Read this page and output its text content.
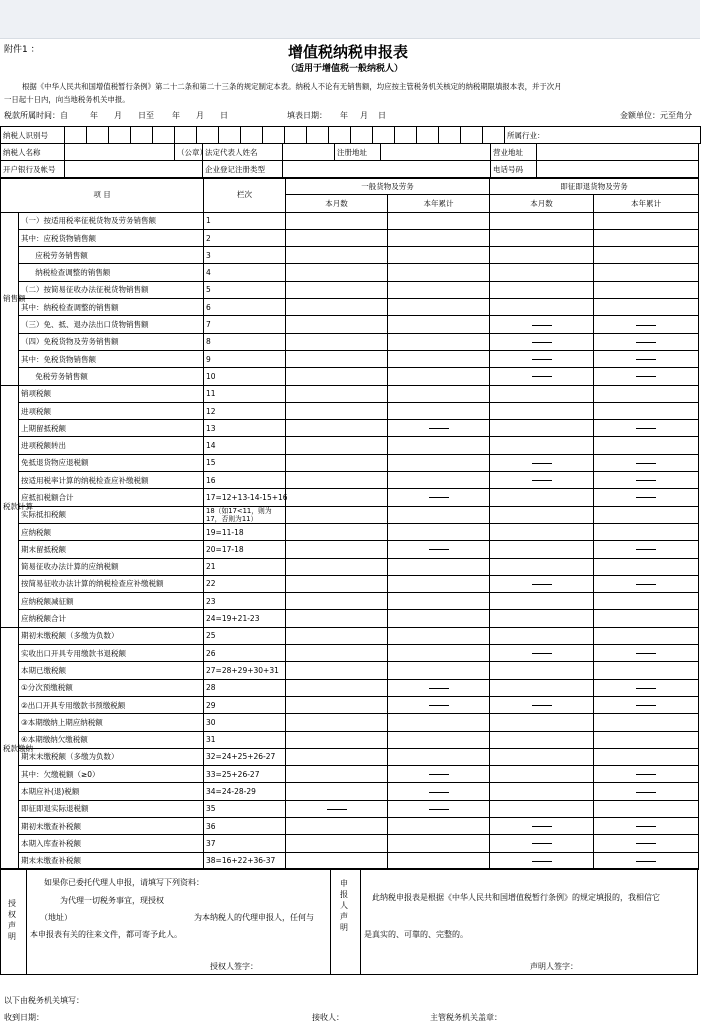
附件1 ：	增值税纳税申报表
（适用于增值税一般纳税人）
根据《中华人民共和国增值税暂行条例》第二十二条和第二十三条的规定制定本表。纳税人不论有无销售额，均应按主管税务机关核定的纳税期限填报本表，并于次月
一日起十日内，向当地税务机关申报。
税款所属时间：自	年 月 日至 年 月 日	填表日期： 年 月 日	金额单位：元至角分
纳税人识别号																					所属行业：
纳税人名称		（公章）	法定代表人姓名		注册地址		营业地址	
开户银行及帐号			企业登记注册类型				电话号码	
项 目		栏次	一般货物及劳务		即征即退货物及劳务	
			本月数	本年累计	本月数	本年累计
销售额	（一）按适用税率征税货物及劳务销售额	1				
	其中：应税货物销售额	2				
	应税劳务销售额	3				
	纳税检查调整的销售额	4				
	（二）按简易征收办法征税货物销售额	5				
	其中：纳税检查调整的销售额	6				
	（三）免、抵、退办法出口货物销售额	7				
	（四）免税货物及劳务销售额	8				
	其中：免税货物销售额	9				
	免税劳务销售额	10				
税款计算	销项税额	11				
	进项税额	12				
	上期留抵税额	13				
	进项税额转出	14				
	免抵退货物应退税额	15				
	按适用税率计算的纳税检查应补缴税额	16				
	应抵扣税额合计	17=12+13-14-15+16				
	实际抵扣税额	18（如17<11，则为17，否则为11）				
	应纳税额	19=11-18				
	期末留抵税额	20=17-18				
	简易征收办法计算的应纳税额	21				
	按简易征收办法计算的纳税检查应补缴税额	22				
	应纳税额减征额	23				
	应纳税额合计	24=19+21-23				
税款缴纳	期初未缴税额（多缴为负数）	25				
	实收出口开具专用缴款书退税额	26				
	本期已缴税额	27=28+29+30+31				
	①分次预缴税额	28				
	②出口开具专用缴款书预缴税额	29				
	③本期缴纳上期应纳税额	30				
	④本期缴纳欠缴税额	31				
	期末未缴税额（多缴为负数）	32=24+25+26-27				
	其中：欠缴税额（≥0）	33=25+26-27				
	本期应补(退)税额	34=24-28-29				
	即征即退实际退税额	35				
	期初未缴查补税额	36				
	本期入库查补税额	37				
	期末未缴查补税额	38=16+22+36-37				
授权声明
如果你已委托代理人申报，请填写下列资料：
为代理一切税务事宜，现授权
（地址）	为本纳税人的代理申报人，任何与
本申报表有关的往来文件，都可寄予此人。
授权人签字：
申报人声明
此纳税申报表是根据《中华人民共和国增值税暂行条例》的规定填报的，我相信它
是真实的、可靠的、完整的。
声明人签字：
以下由税务机关填写：
收到日期：	接收人：	主管税务机关盖章：
